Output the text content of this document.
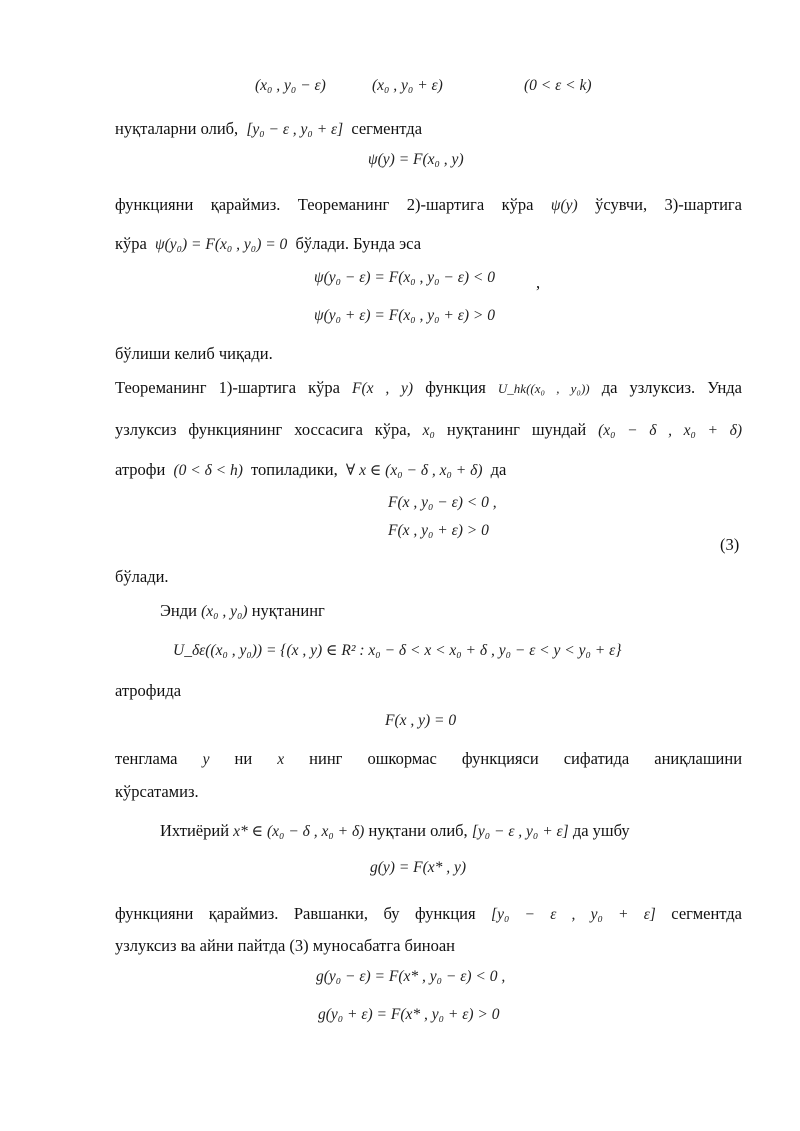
(x₀ , y₀ − ε)	(x₀ , y₀ + ε)	(0 < ε < k)
нуқталарни олиб, [y₀ − ε , y₀ + ε] сегментда
ψ(y) = F(x₀ , y)
функцияни қараймиз. Теореманинг 2)-шартига кўра ψ(y) ўсувчи, 3)-шартига
кўра ψ(y₀) = F(x₀ , y₀) = 0 бўлади. Бунда эса
ψ(y₀ − ε) = F(x₀ , y₀ − ε) < 0 ,
ψ(y₀ + ε) = F(x₀ , y₀ + ε) > 0
бўлиши келиб чиқади.
Теореманинг 1)-шартига кўра F(x , y) функция U_hk((x₀ , y₀)) да узлуксиз. Унда
узлуксиз функциянинг хоссасига кўра, x₀ нуқтанинг шундай (x₀ − δ , x₀ + δ)
атрофи (0 < δ < h) топиладики, ∀ x ∈ (x₀ − δ , x₀ + δ) да
F(x , y₀ − ε) < 0 ,
F(x , y₀ + ε) > 0
(3)
бўлади.
Энди (x₀ , y₀) нуқтанинг
U_δε((x₀ , y₀)) = {(x , y) ∈ R² : x₀ − δ < x < x₀ + δ , y₀ − ε < y < y₀ + ε}
атрофида
F(x , y) = 0
тенглама y ни x нинг ошкормас функцияси сифатида аниқлашини
кўрсатамиз.
Ихтиёрий x* ∈ (x₀ − δ , x₀ + δ) нуқтани олиб, [y₀ − ε , y₀ + ε] да ушбу
g(y) = F(x* , y)
функцияни қараймиз. Равшанки, бу функция [y₀ − ε , y₀ + ε] сегментда
узлуксиз ва айни пайтда (3) муносабатга биноан
g(y₀ − ε) = F(x* , y₀ − ε) < 0 ,
g(y₀ + ε) = F(x* , y₀ + ε) > 0
